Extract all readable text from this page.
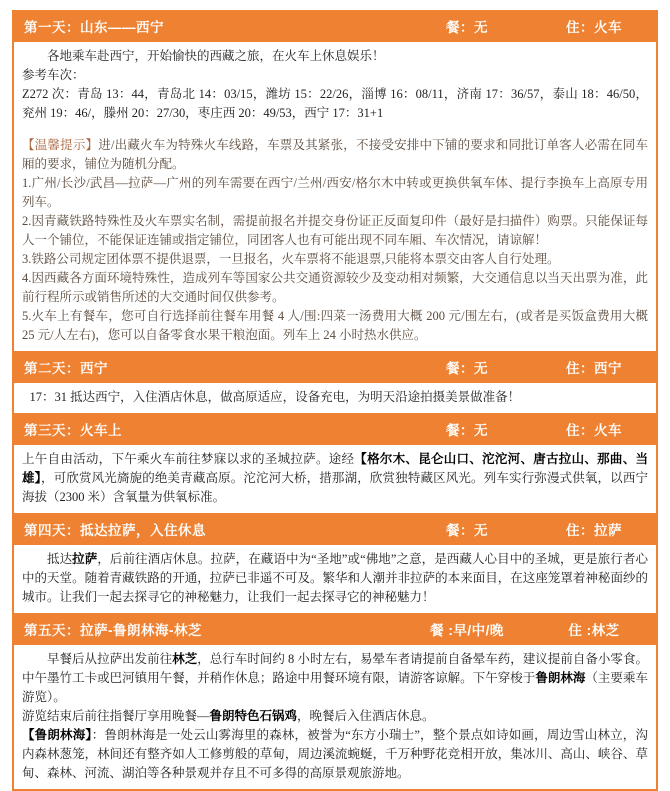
第一天：山东——西宁	餐：无	住：火车

各地乘车赴西宁，开始愉快的西藏之旅，在火车上休息娱乐！

参考车次：

Z272 次：青岛 13：44，青岛北 14：03/15，潍坊 15：22/26，淄博 16：08/11，济南 17：36/57，泰山 18：46/50，兖州 19：46/，滕州 20：27/30，枣庄西 20：49/53，西宁 17：31+1

【温馨提示】进/出藏火车为特殊火车线路，车票及其紧张，不接受安排中下铺的要求和同批订单客人必需在同车厢的要求，铺位为随机分配。

1.广州/长沙/武昌—拉萨—广州的列车需要在西宁/兰州/西安/格尔木中转或更换供氧车体、提行李换车上高原专用列车。

2.因青藏铁路特殊性及火车票实名制，需提前报名并提交身份证正反面复印件（最好是扫描件）购票。只能保证每人一个铺位，不能保证连铺或指定铺位，同团客人也有可能出现不同车厢、车次情况，请谅解！

3.铁路公司规定团体票不提供退票，一旦报名，火车票将不能退票,只能将本票交由客人自行处理。

4.因西藏各方面环境特殊性，造成列车等国家公共交通资源较少及变动相对频繁，大交通信息以当天出票为准，此前行程所示或销售所述的大交通时间仅供参考。

5.火车上有餐车，您可自行选择前往餐车用餐 4 人/围:四菜一汤费用大概 200 元/围左右，(或者是买饭盒费用大概 25 元/人左右)，您可以自备零食水果干粮泡面。列车上 24 小时热水供应。

第二天：西宁	餐：无	住：西宁

17：31 抵达西宁，入住酒店休息，做高原适应，设备充电，为明天沿途拍摄美景做准备！

第三天：火车上	餐：无	住：火车

上午自由活动，下午乘火车前往梦寐以求的圣城拉萨。途经【格尔木、昆仑山口、沱沱河、唐古拉山、那曲、当雄】，可欣赏风光旖旎的绝美青藏高原。沱沱河大桥，措那湖，欣赏独特藏区风光。列车实行弥漫式供氧，以西宁海拔（2300 米）含氧量为供氧标准。

第四天：抵达拉萨，入住休息	餐：无	住：拉萨

抵达拉萨，后前往酒店休息。拉萨，在藏语中为“圣地”或“佛地”之意，是西藏人心目中的圣城，更是旅行者心中的天堂。随着青藏铁路的开通，拉萨已非遥不可及。繁华和人潮并非拉萨的本来面目，在这座笼罩着神秘面纱的城市。让我们一起去探寻它的神秘魅力，让我们一起去探寻它的神秘魅力！

第五天：拉萨-鲁朗林海-林芝	餐 :早/中/晚	住 :林芝

早餐后从拉萨出发前往林芝，总行车时间约 8 小时左右，易晕车者请提前自备晕车药，建议提前自备小零食。中午墨竹工卡或巴河镇用午餐，并稍作休息；路途中用餐环境有限，请游客谅解。下午穿梭于鲁朗林海（主要乘车游览）。

游览结束后前往指餐厅享用晚餐—鲁朗特色石锅鸡，晚餐后入住酒店休息。

【鲁朗林海】：鲁朗林海是一处云山雾海里的森林，被誉为“东方小瑞士”，整个景点如诗如画，周边雪山林立，沟内森林葱笼，林间还有整齐如人工修剪般的草甸，周边溪流蜿蜒，千万种野花竞相开放，集冰川、高山、峡谷、草甸、森林、河流、湖泊等各种景观并存且不可多得的高原景观旅游地。
